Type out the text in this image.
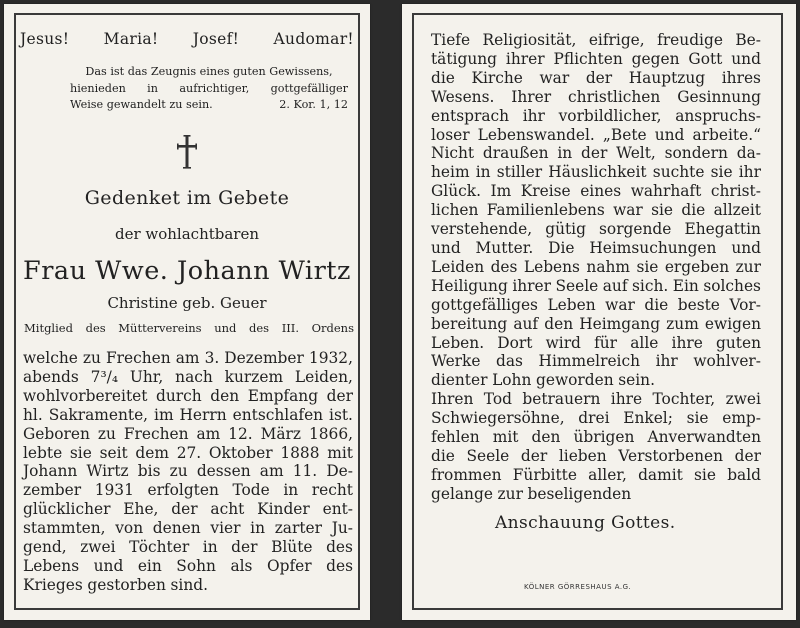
Jesus! Maria! Josef! Audomar!
Das ist das Zeugnis eines guten Gewissens,
hienieden in aufrichtiger, gottgefälliger
Weise gewandelt zu sein.	2. Kor. 1, 12
Gedenket im Gebete
der wohlachtbaren
Frau Wwe. Johann Wirtz
Christine geb. Geuer
Mitglied des Müttervereins und des III. Ordens
welche zu Frechen am 3. Dezember 1932,
abends 7³/₄ Uhr, nach kurzem Leiden,
wohlvorbereitet durch den Empfang der
hl. Sakramente, im Herrn entschlafen ist.
Geboren zu Frechen am 12. März 1866,
lebte sie seit dem 27. Oktober 1888 mit
Johann Wirtz bis zu dessen am 11. De-
zember 1931 erfolgten Tode in recht
glücklicher Ehe, der acht Kinder ent-
stammten, von denen vier in zarter Ju-
gend, zwei Töchter in der Blüte des
Lebens und ein Sohn als Opfer des
Krieges gestorben sind.
Tiefe Religiosität, eifrige, freudige Be-
tätigung ihrer Pflichten gegen Gott und
die Kirche war der Hauptzug ihres
Wesens. Ihrer christlichen Gesinnung
entsprach ihr vorbildlicher, anspruchs-
loser Lebenswandel. „Bete und arbeite.“
Nicht draußen in der Welt, sondern da-
heim in stiller Häuslichkeit suchte sie ihr
Glück. Im Kreise eines wahrhaft christ-
lichen Familienlebens war sie die allzeit
verstehende, gütig sorgende Ehegattin
und Mutter. Die Heimsuchungen und
Leiden des Lebens nahm sie ergeben zur
Heiligung ihrer Seele auf sich. Ein solches
gottgefälliges Leben war die beste Vor-
bereitung auf den Heimgang zum ewigen
Leben. Dort wird für alle ihre guten
Werke das Himmelreich ihr wohlver-
dienter Lohn geworden sein.
Ihren Tod betrauern ihre Tochter, zwei
Schwiegersöhne, drei Enkel; sie emp-
fehlen mit den übrigen Anverwandten
die Seele der lieben Verstorbenen der
frommen Fürbitte aller, damit sie bald
gelange zur beseligenden
Anschauung Gottes.
KÖLNER GÖRRESHAUS A.G.
